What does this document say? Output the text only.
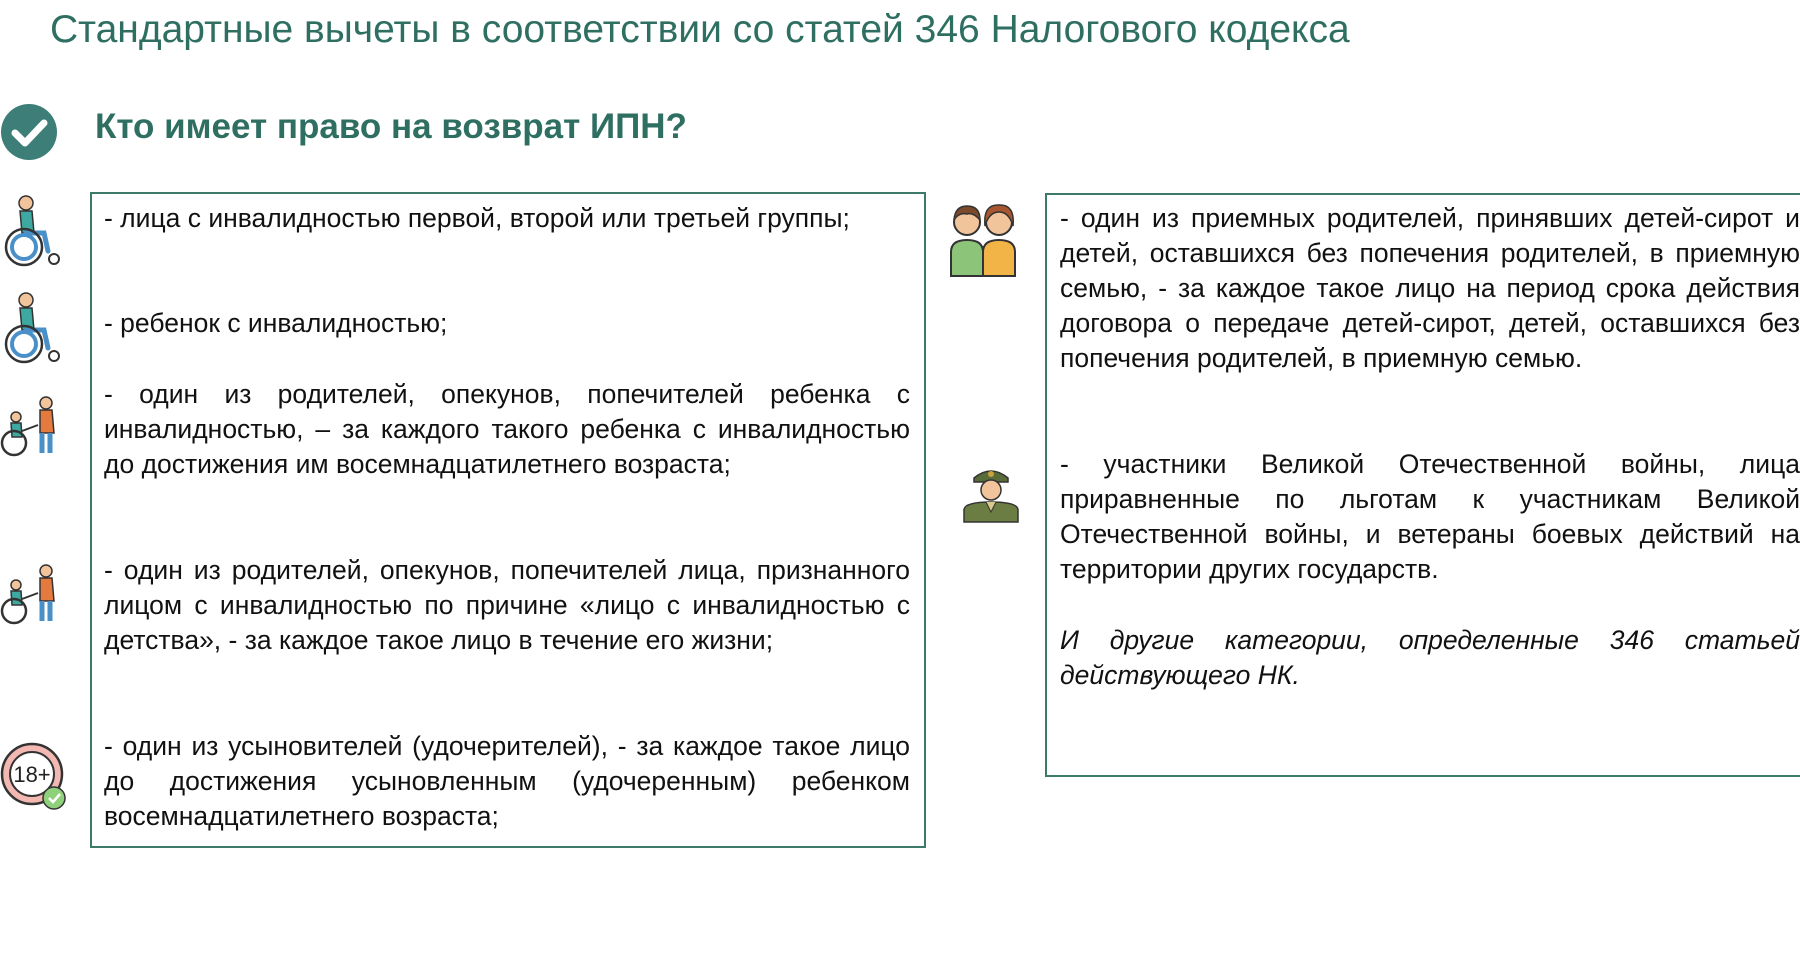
Стандартные вычеты в соответствии со статей 346 Налогового кодекса
Кто имеет право на возврат ИПН?
18+
- лица с инвалидностью первой, второй или третьей группы;
- ребенок с инвалидностью;
- один из родителей, опекунов, попечителей ребенка с инвалидностью, – за каждого такого ребенка с инвалидностью до достижения им восемнадцатилетнего возраста;
- один из родителей, опекунов, попечителей лица, признанного лицом с инвалидностью по причине «лицо с инвалидностью с детства», - за каждое такое лицо в течение его жизни;
- один из усыновителей (удочерителей), - за каждое такое лицо до достижения усыновленным (удочеренным) ребенком восемнадцатилетнего возраста;
- один из приемных родителей, принявших детей-сирот и детей, оставшихся без попечения родителей, в приемную семью, - за каждое такое лицо на период срока действия договора о передаче детей-сирот, детей, оставшихся без попечения родителей, в приемную семью.
- участники Великой Отечественной войны, лица приравненные по льготам к участникам Великой Отечественной войны, и ветераны боевых действий на территории других государств.
И другие категории, определенные 346 статьей действующего НК.
